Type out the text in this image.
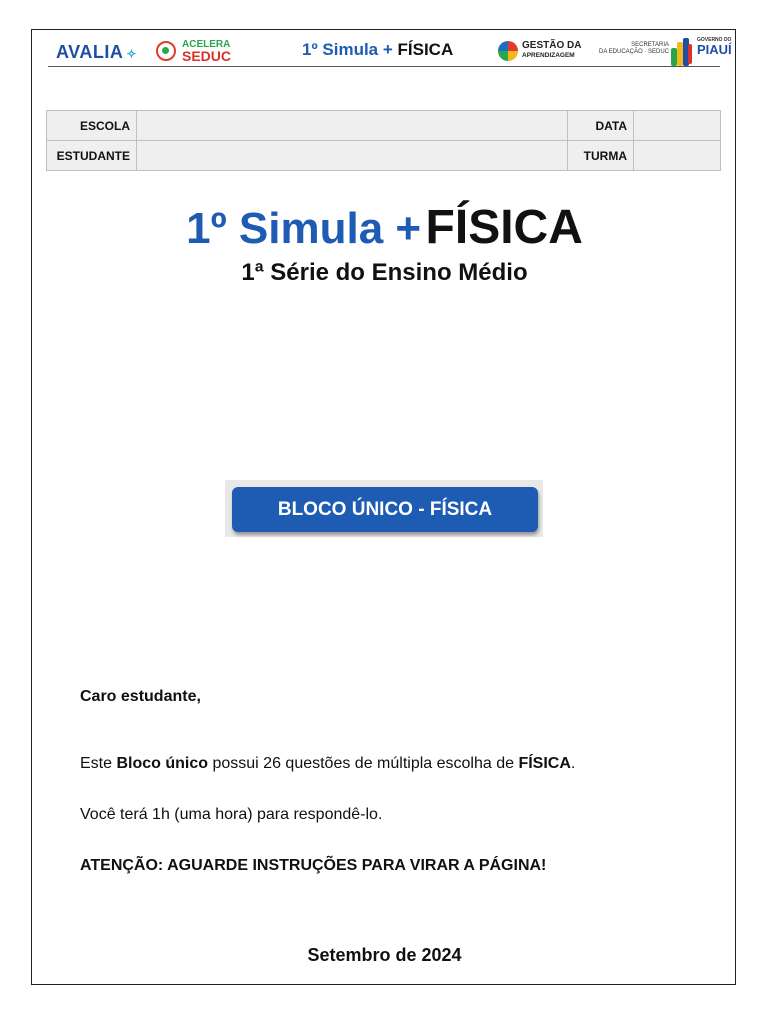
AVALIA ✧
ACELERA
SEDUC	1º Simula + FÍSICA	GESTÃO DA
APRENDIZAGEM
SECRETARIA
DA EDUCAÇÃO · SEDUC
GOVERNO DO
PIAUÍ
ESCOLA		DATA	
ESTUDANTE		TURMA	
1º Simula + FÍSICA
1ª Série do Ensino Médio
BLOCO ÚNICO - FÍSICA
Caro estudante,
Este Bloco único possui 26 questões de múltipla escolha de FÍSICA.
Você terá 1h (uma hora) para respondê-lo.
ATENÇÃO: AGUARDE INSTRUÇÕES PARA VIRAR A PÁGINA!
Setembro de 2024
